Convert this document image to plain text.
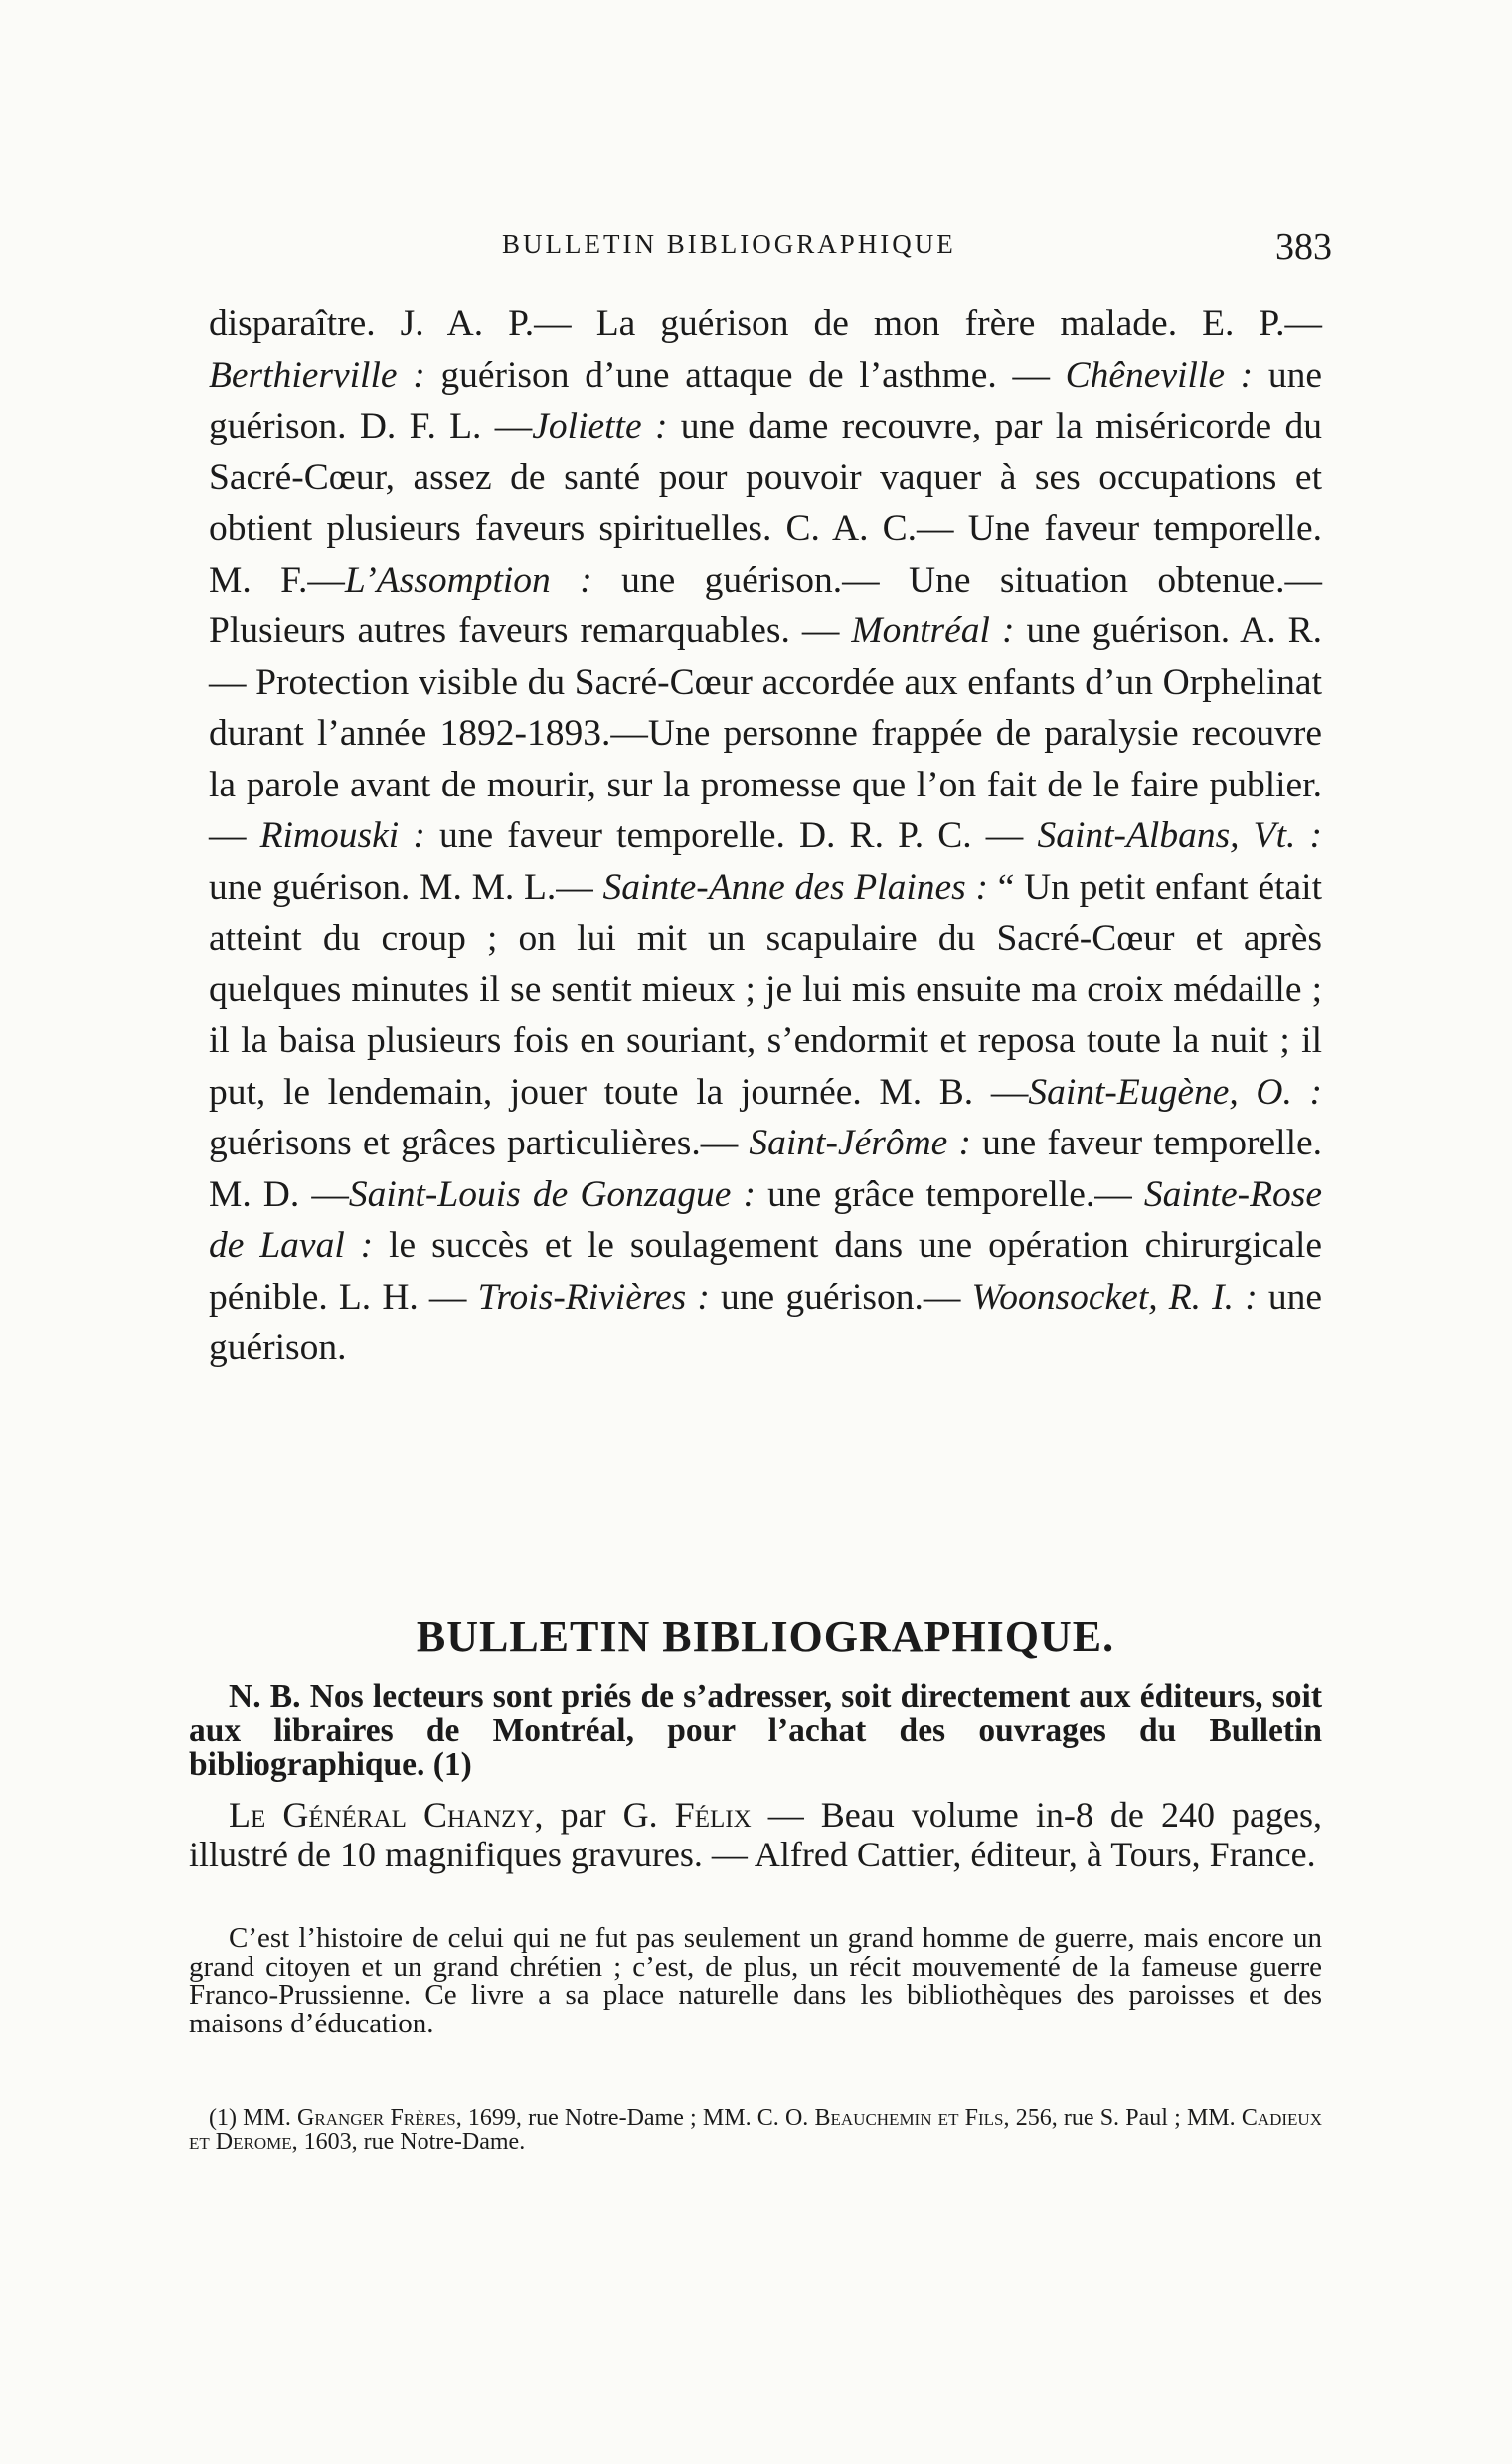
BULLETIN BIBLIOGRAPHIQUE	383

disparaître. J. A. P.— La guérison de mon frère malade. E. P.—Berthierville : guérison d’une attaque de l’asthme. — Chêneville : une guérison. D. F. L. —Joliette : une dame recouvre, par la miséricorde du Sacré-Cœur, assez de santé pour pouvoir vaquer à ses occupations et obtient plusieurs faveurs spirituelles. C. A. C.— Une faveur temporelle. M. F.—L’Assomption : une guérison.— Une situation obtenue.— Plusieurs autres faveurs remarquables. — Montréal : une guérison. A. R.— Protection visible du Sacré-Cœur accordée aux enfants d’un Orphelinat durant l’année 1892-1893.—Une personne frappée de paralysie recouvre la parole avant de mourir, sur la promesse que l’on fait de le faire publier.— Rimouski : une faveur temporelle. D. R. P. C. — Saint-Albans, Vt. : une guérison. M. M. L.— Sainte-Anne des Plaines : “ Un petit enfant était atteint du croup ; on lui mit un scapulaire du Sacré-Cœur et après quelques minutes il se sentit mieux ; je lui mis ensuite ma croix médaille ; il la baisa plusieurs fois en souriant, s’endormit et reposa toute la nuit ; il put, le lendemain, jouer toute la journée. M. B. —Saint-Eugène, O. : guérisons et grâces particulières.— Saint-Jérôme : une faveur temporelle. M. D. —Saint-Louis de Gonzague : une grâce temporelle.— Sainte-Rose de Laval : le succès et le soulagement dans une opération chirurgicale pénible. L. H. — Trois-Rivières : une guérison.— Woonsocket, R. I. : une guérison.

BULLETIN BIBLIOGRAPHIQUE.
N. B. Nos lecteurs sont priés de s’adresser, soit directement aux éditeurs, soit aux libraires de Montréal, pour l’achat des ouvrages du Bulletin bibliographique. (1)
Le Général Chanzy, par G. Félix — Beau volume in-8 de 240 pages, illustré de 10 magnifiques gravures. — Alfred Cattier, éditeur, à Tours, France.
C’est l’histoire de celui qui ne fut pas seulement un grand homme de guerre, mais encore un grand citoyen et un grand chrétien ; c’est, de plus, un récit mouvementé de la fameuse guerre Franco-Prussienne. Ce livre a sa place naturelle dans les bibliothèques des paroisses et des maisons d’éducation.
(1) MM. Granger Frères, 1699, rue Notre-Dame ; MM. C. O. Beauchemin et Fils, 256, rue S. Paul ; MM. Cadieux et Derome, 1603, rue Notre-Dame.
